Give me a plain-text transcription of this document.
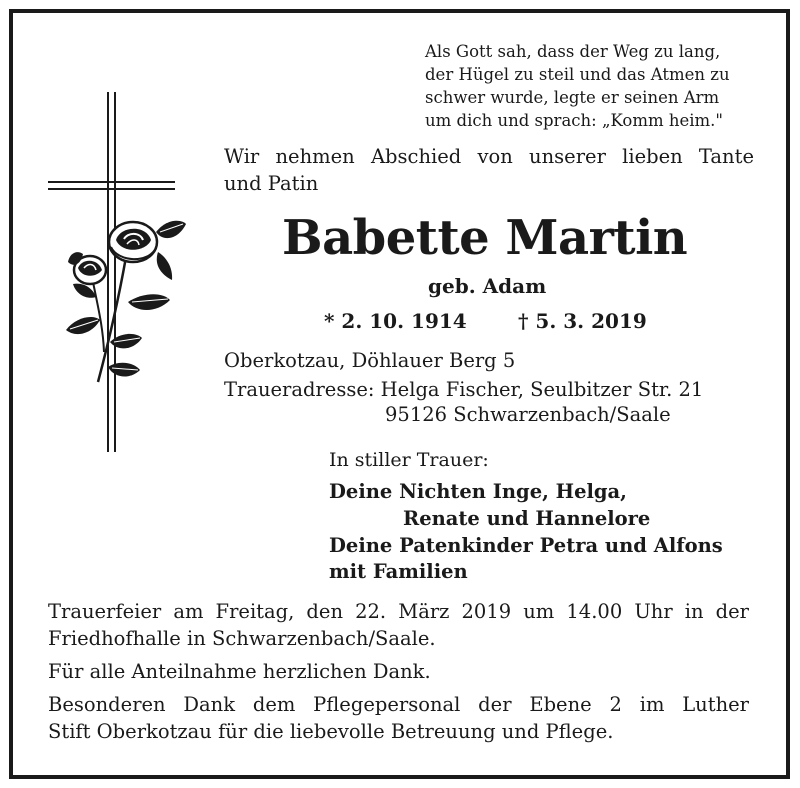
Als Gott sah, dass der Weg zu lang,
der Hügel zu steil und das Atmen zu
schwer wurde, legte er seinen Arm
um dich und sprach: „Komm heim."
Wir nehmen Abschied von unserer lieben Tante
und Patin
Babette Martin
geb. Adam
* 2. 10. 1914	† 5. 3. 2019
Oberkotzau, Döhlauer Berg 5
Traueradresse: Helga Fischer, Seulbitzer Str. 21
95126 Schwarzenbach/Saale
In stiller Trauer:
Deine Nichten Inge, Helga,
Renate und Hannelore
Deine Patenkinder Petra und Alfons
mit Familien
Trauerfeier am Freitag, den 22. März 2019 um 14.00 Uhr in der
Friedhofhalle in Schwarzenbach/Saale.
Für alle Anteilnahme herzlichen Dank.
Besonderen Dank dem Pflegepersonal der Ebene 2 im Luther
Stift Oberkotzau für die liebevolle Betreuung und Pflege.
